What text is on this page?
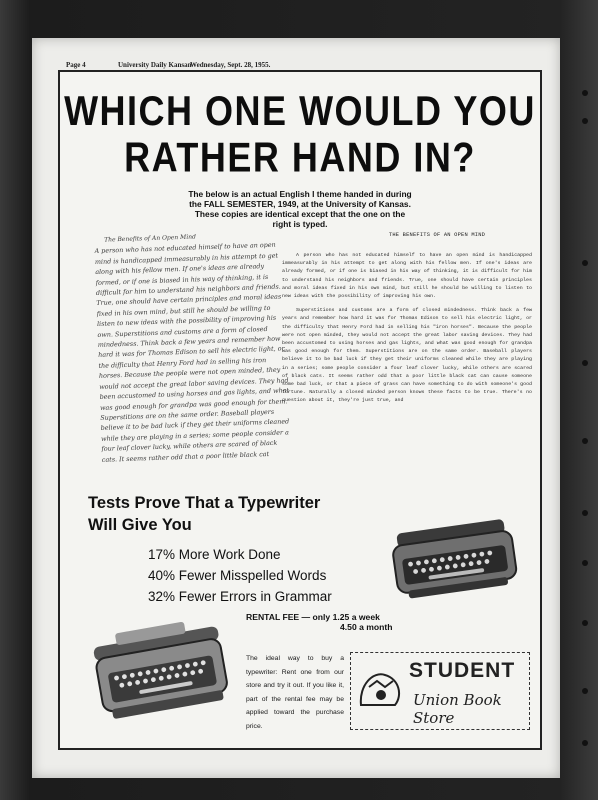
Page 4	University Daily Kansan
Wednesday, Sept. 28, 1955.
WHICH ONE WOULD YOU
RATHER HAND IN?
The below is an actual English I theme handed in during
the FALL SEMESTER, 1949, at the University of Kansas.
These copies are identical except that the one on the
right is typed.
The Benefits of An Open Mind
A person who has not educated himself to have an open mind is handicapped immeasurably in his attempt to get along with his fellow men. If one's ideas are already formed, or if one is biased in his way of thinking, it is difficult for him to understand his neighbors and friends. True, one should have certain principles and moral ideas fixed in his own mind, but still he should be willing to listen to new ideas with the possibility of improving his own. Superstitions and customs are a form of closed mindedness. Think back a few years and remember how hard it was for Thomas Edison to sell his electric light, or the difficulty that Henry Ford had in selling his iron horses. Because the people were not open minded, they would not accept the great labor saving devices. They had been accustomed to using horses and gas lights, and what was good enough for grandpa was good enough for them. Superstitions are on the same order. Baseball players believe it to be bad luck if they get their uniforms cleaned while they are playing in a series; some people consider a four leaf clover lucky, while others are scared of black cats. It seems rather odd that a poor little black cat
THE BENEFITS OF AN OPEN MIND

A person who has not educated himself to have an open mind is handicapped immeasurably in his attempt to get along with his fellow men. If one's ideas are already formed, or if one is biased in his way of thinking, it is difficult for him to understand his neighbors and friends. True, one should have certain principles and moral ideas fixed in his own mind, but still he should be willing to listen to new ideas with the possibility of improving his own.

Superstitions and customs are a form of closed mindedness. Think back a few years and remember how hard it was for Thomas Edison to sell his electric light, or the difficulty that Henry Ford had in selling his "iron horses". Because the people were not open minded, they would not accept the great labor saving devices. They had been accustomed to using horses and gas lights, and what was good enough for grandpa was good enough for them. Superstitions are on the same order. Baseball players believe it to be bad luck if they get their uniforms cleaned while they are playing in a series; some people consider a four leaf clover lucky, while others are scared of black cats. It seems rather odd that a poor little black cat can cause someone some bad luck, or that a piece of grass can have something to do with someone's good fortune. Naturally a closed minded person knows these facts to be true. There's no question about it, they're just true, and

Tests Prove That a Typewriter
Will Give You
17% More Work Done
40% Fewer Misspelled Words
32% Fewer Errors in Grammar
RENTAL FEE — only 1.25 a week
4.50 a month
The ideal way to buy a typewriter: Rent one from our store and try it out. If you like it, part of the rental fee may be applied toward the purchase price.
STUDENT
Union Book Store
